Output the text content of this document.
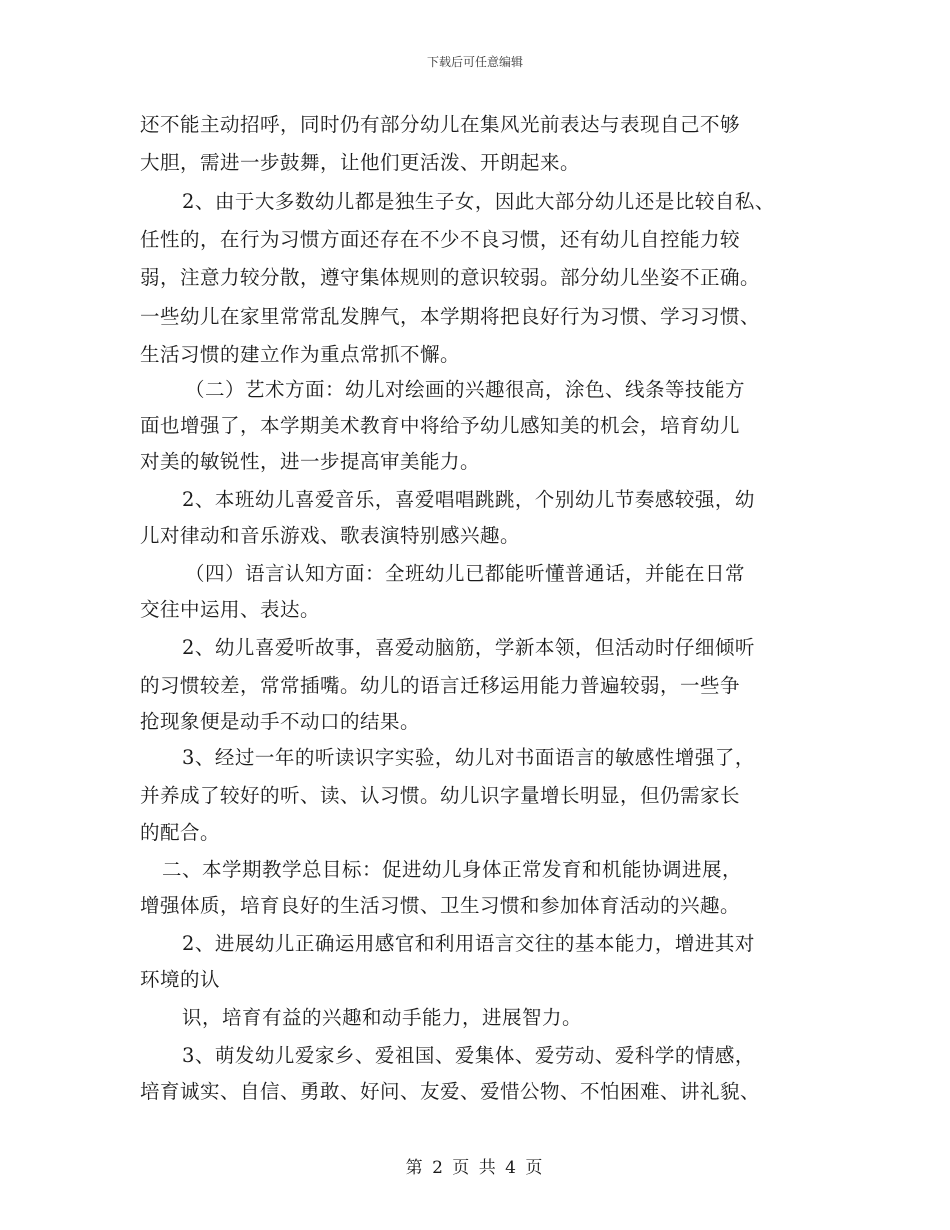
下载后可任意编辑
还不能主动招呼，同时仍有部分幼儿在集风光前表达与表现自己不够
大胆，需进一步鼓舞，让他们更活泼、开朗起来。
2、由于大多数幼儿都是独生子女，因此大部分幼儿还是比较自私、
任性的，在行为习惯方面还存在不少不良习惯，还有幼儿自控能力较
弱，注意力较分散，遵守集体规则的意识较弱。部分幼儿坐姿不正确。
一些幼儿在家里常常乱发脾气，本学期将把良好行为习惯、学习习惯、
生活习惯的建立作为重点常抓不懈。
（二）艺术方面：幼儿对绘画的兴趣很高，涂色、线条等技能方
面也增强了，本学期美术教育中将给予幼儿感知美的机会，培育幼儿
对美的敏锐性，进一步提高审美能力。
2、本班幼儿喜爱音乐，喜爱唱唱跳跳，个别幼儿节奏感较强，幼
儿对律动和音乐游戏、歌表演特别感兴趣。
（四）语言认知方面：全班幼儿已都能听懂普通话，并能在日常
交往中运用、表达。
2、幼儿喜爱听故事，喜爱动脑筋，学新本领，但活动时仔细倾听
的习惯较差，常常插嘴。幼儿的语言迁移运用能力普遍较弱，一些争
抢现象便是动手不动口的结果。
3、经过一年的听读识字实验，幼儿对书面语言的敏感性增强了，
并养成了较好的听、读、认习惯。幼儿识字量增长明显，但仍需家长
的配合。
二、本学期教学总目标：促进幼儿身体正常发育和机能协调进展，
增强体质，培育良好的生活习惯、卫生习惯和参加体育活动的兴趣。
2、进展幼儿正确运用感官和利用语言交往的基本能力，增进其对
环境的认
识，培育有益的兴趣和动手能力，进展智力。
3、萌发幼儿爱家乡、爱祖国、爱集体、爱劳动、爱科学的情感，
培育诚实、自信、勇敢、好问、友爱、爱惜公物、不怕困难、讲礼貌、
第 2 页 共 4 页
